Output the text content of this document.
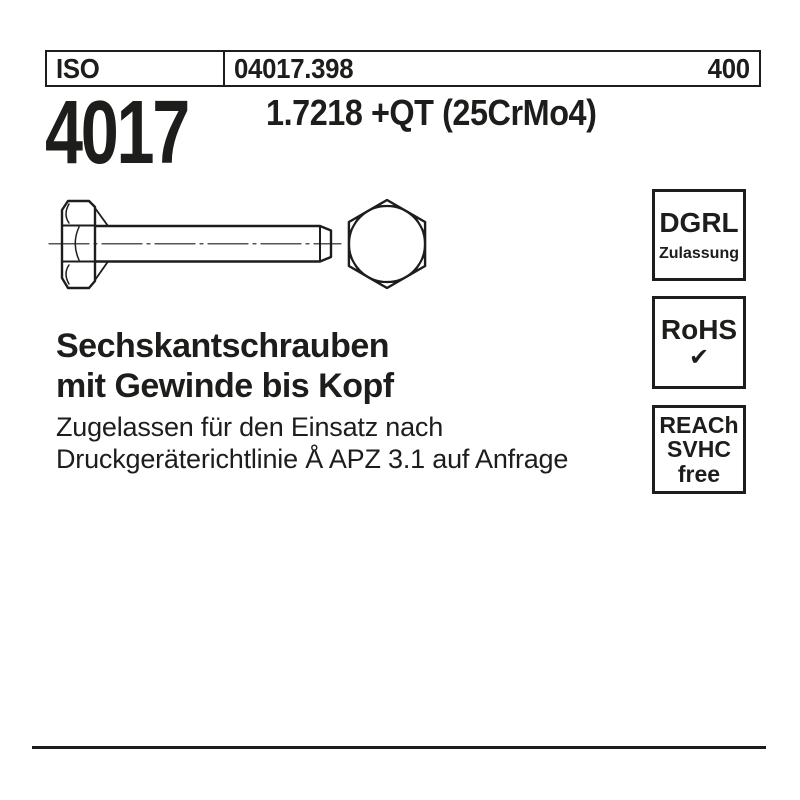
ISO	04017.398	400
4017 1.7218 +QT (25CrMo4)
DGRL
Zulassung
RoHS
✔
REACh
SVHC
free
Sechskantschrauben
mit Gewinde bis Kopf
Zugelassen für den Einsatz nach
Druckgeräterichtlinie Å APZ 3.1 auf Anfrage
